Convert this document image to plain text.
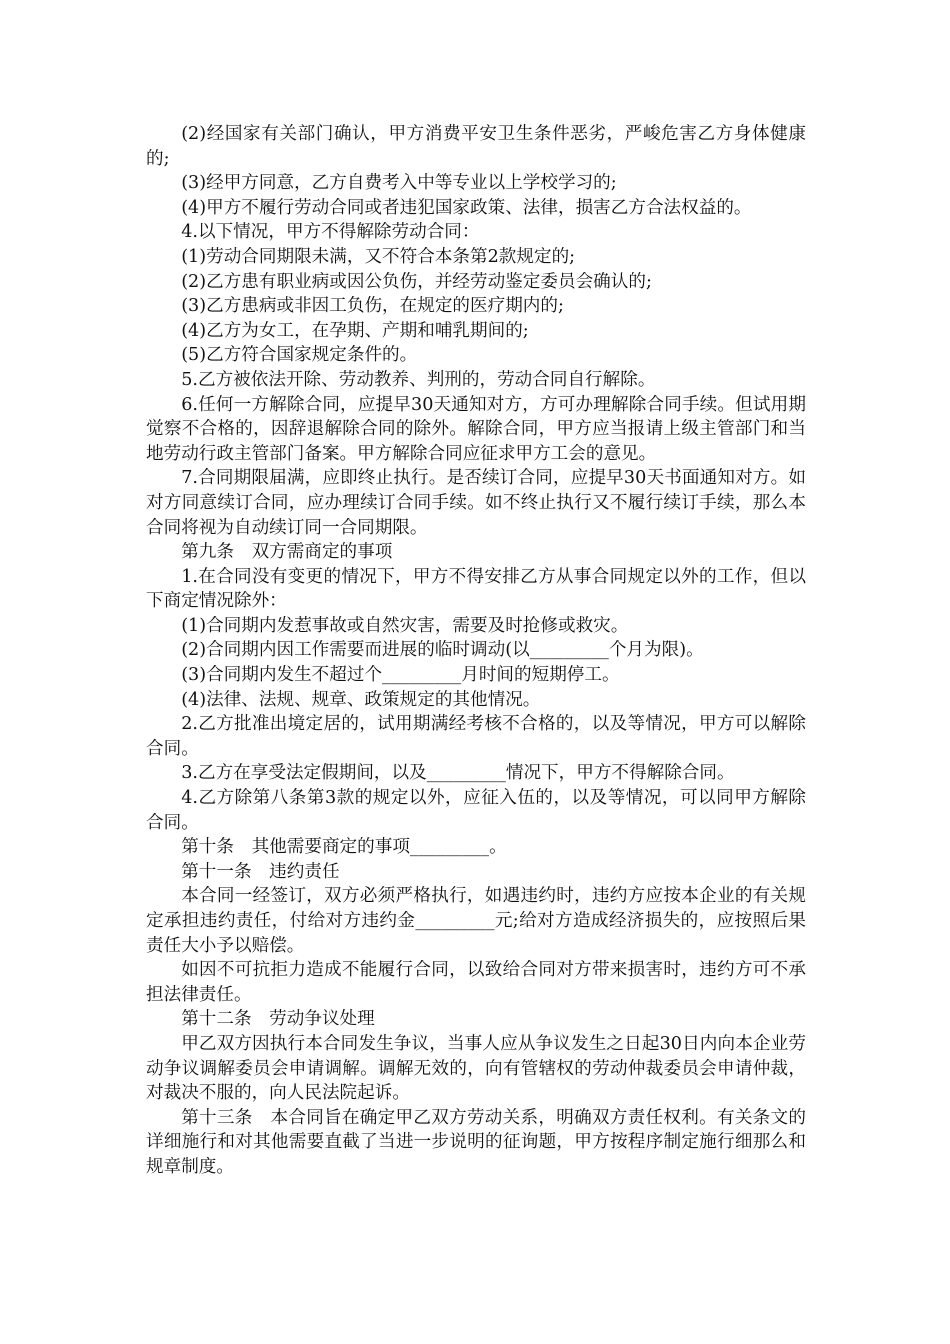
(2)经国家有关部门确认，甲方消费平安卫生条件恶劣，严峻危害乙方身体健康的;

(3)经甲方同意，乙方自费考入中等专业以上学校学习的;

(4)甲方不履行劳动合同或者违犯国家政策、法律，损害乙方合法权益的。

4.以下情况，甲方不得解除劳动合同：

(1)劳动合同期限未满，又不符合本条第2款规定的;

(2)乙方患有职业病或因公负伤，并经劳动鉴定委员会确认的;

(3)乙方患病或非因工负伤，在规定的医疗期内的;

(4)乙方为女工，在孕期、产期和哺乳期间的;

(5)乙方符合国家规定条件的。

5.乙方被依法开除、劳动教养、判刑的，劳动合同自行解除。

6.任何一方解除合同，应提早30天通知对方，方可办理解除合同手续。但试用期觉察不合格的，因辞退解除合同的除外。解除合同，甲方应当报请上级主管部门和当地劳动行政主管部门备案。甲方解除合同应征求甲方工会的意见。

7.合同期限届满，应即终止执行。是否续订合同，应提早30天书面通知对方。如对方同意续订合同，应办理续订合同手续。如不终止执行又不履行续订手续，那么本合同将视为自动续订同一合同期限。

第九条　双方需商定的事项

1.在合同没有变更的情况下，甲方不得安排乙方从事合同规定以外的工作，但以下商定情况除外：

(1)合同期内发惹事故或自然灾害，需要及时抢修或救灾。

(2)合同期内因工作需要而进展的临时调动(以_________个月为限)。

(3)合同期内发生不超过个_________月时间的短期停工。

(4)法律、法规、规章、政策规定的其他情况。

2.乙方批准出境定居的，试用期满经考核不合格的，以及等情况，甲方可以解除合同。

3.乙方在享受法定假期间，以及_________情况下，甲方不得解除合同。

4.乙方除第八条第3款的规定以外，应征入伍的，以及等情况，可以同甲方解除合同。

第十条　其他需要商定的事项_________。

第十一条　违约责任

本合同一经签订，双方必须严格执行，如遇违约时，违约方应按本企业的有关规定承担违约责任，付给对方违约金_________元;给对方造成经济损失的，应按照后果责任大小予以赔偿。

如因不可抗拒力造成不能履行合同，以致给合同对方带来损害时，违约方可不承担法律责任。

第十二条　劳动争议处理

甲乙双方因执行本合同发生争议，当事人应从争议发生之日起30日内向本企业劳动争议调解委员会申请调解。调解无效的，向有管辖权的劳动仲裁委员会申请仲裁，对裁决不服的，向人民法院起诉。

第十三条　本合同旨在确定甲乙双方劳动关系，明确双方责任权利。有关条文的详细施行和对其他需要直截了当进一步说明的征询题，甲方按程序制定施行细那么和规章制度。
